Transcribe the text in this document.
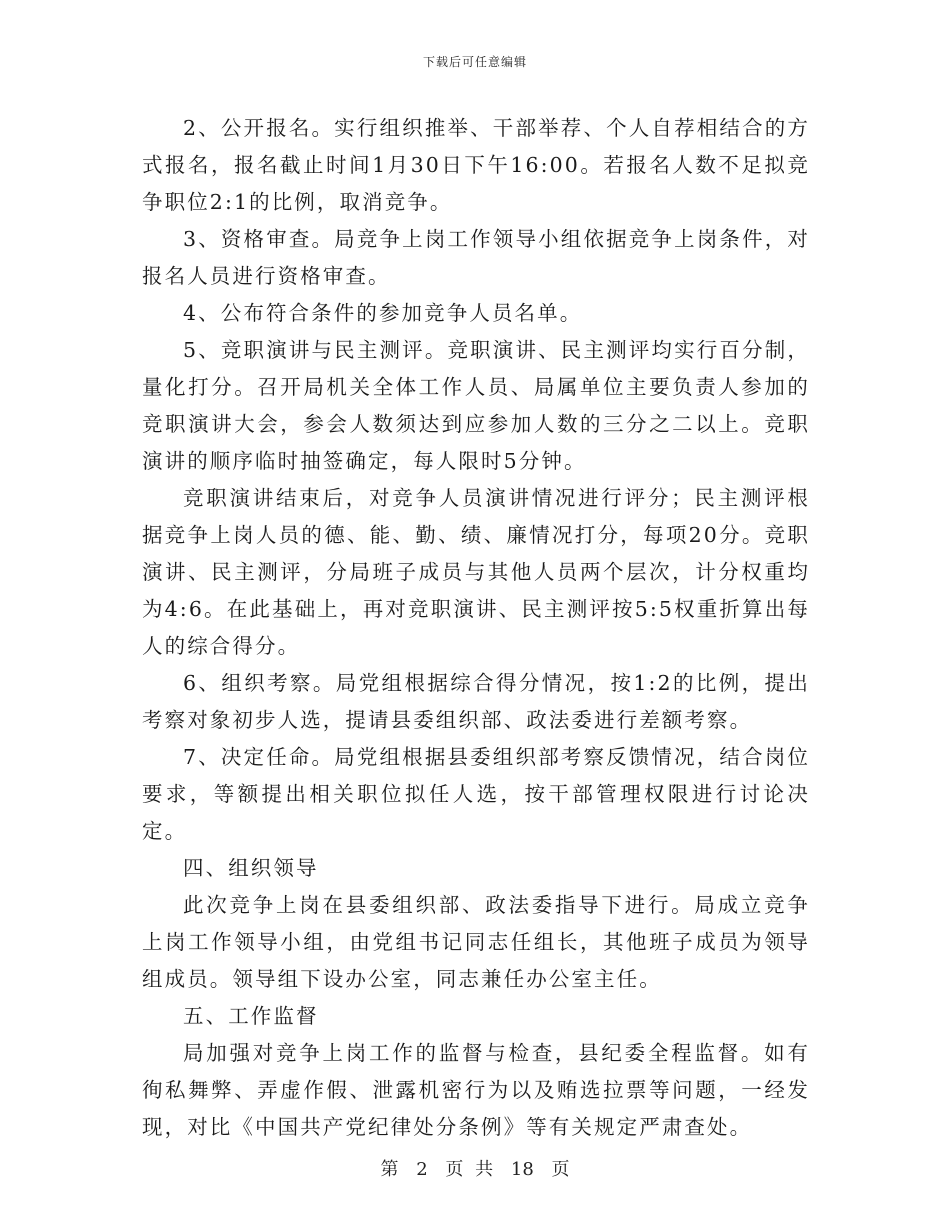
下载后可任意编辑

2、公开报名。实行组织推举、干部举荐、个人自荐相结合的方式报名，报名截止时间1月30日下午16:00。若报名人数不足拟竞争职位2:1的比例，取消竞争。

3、资格审查。局竞争上岗工作领导小组依据竞争上岗条件，对报名人员进行资格审查。

4、公布符合条件的参加竞争人员名单。

5、竞职演讲与民主测评。竞职演讲、民主测评均实行百分制，量化打分。召开局机关全体工作人员、局属单位主要负责人参加的竞职演讲大会，参会人数须达到应参加人数的三分之二以上。竞职演讲的顺序临时抽签确定，每人限时5分钟。

竞职演讲结束后，对竞争人员演讲情况进行评分；民主测评根据竞争上岗人员的德、能、勤、绩、廉情况打分，每项20分。竞职演讲、民主测评，分局班子成员与其他人员两个层次，计分权重均为4:6。在此基础上，再对竞职演讲、民主测评按5:5权重折算出每人的综合得分。

6、组织考察。局党组根据综合得分情况，按1:2的比例，提出考察对象初步人选，提请县委组织部、政法委进行差额考察。

7、决定任命。局党组根据县委组织部考察反馈情况，结合岗位要求，等额提出相关职位拟任人选，按干部管理权限进行讨论决定。

四、组织领导

此次竞争上岗在县委组织部、政法委指导下进行。局成立竞争上岗工作领导小组，由党组书记同志任组长，其他班子成员为领导组成员。领导组下设办公室，同志兼任办公室主任。

五、工作监督

局加强对竞争上岗工作的监督与检查，县纪委全程监督。如有徇私舞弊、弄虚作假、泄露机密行为以及贿选拉票等问题，一经发现，对比《中国共产党纪律处分条例》等有关规定严肃查处。

第 2 页 共 18 页
